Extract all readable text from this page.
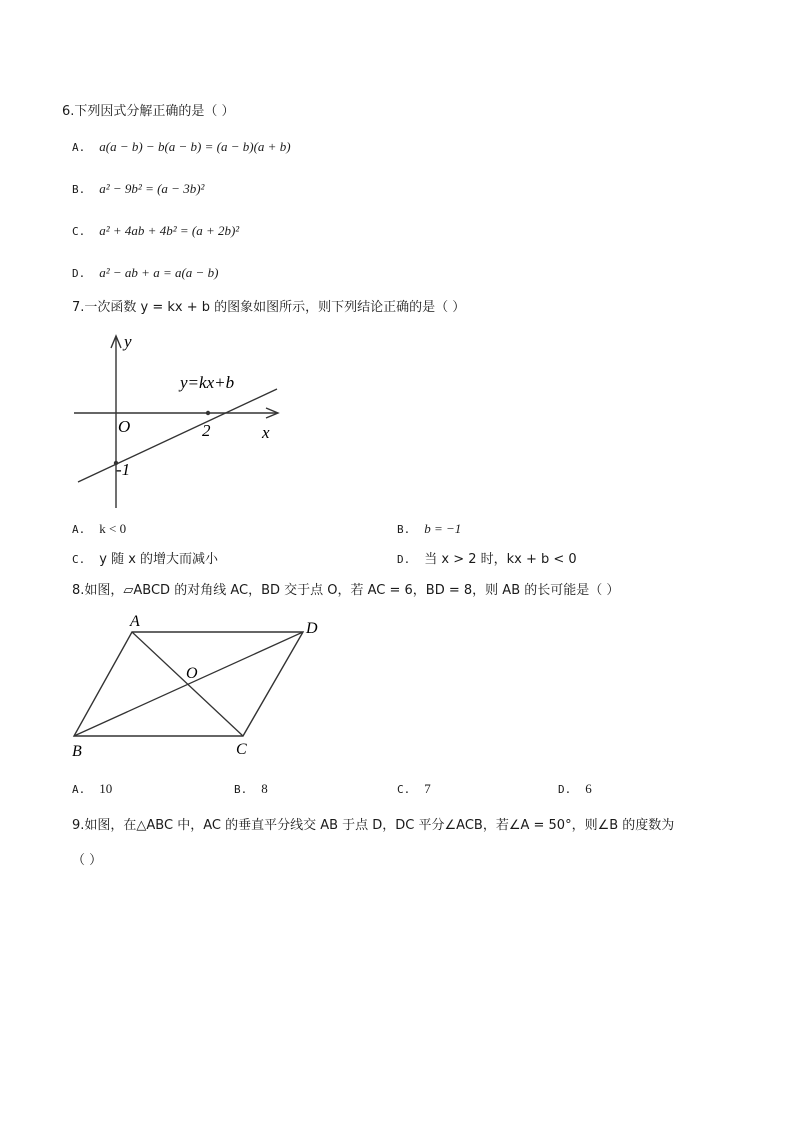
6.下列因式分解正确的是（ ）
A. a(a − b) − b(a − b) = (a − b)(a + b)
B. a² − 9b² = (a − 3b)²
C. a² + 4ab + 4b² = (a + 2b)²
D. a² − ab + a = a(a − b)
7.一次函数 y = kx + b 的图象如图所示，则下列结论正确的是（ ）
y
x
O
y=kx+b
2
-1
A. k < 0	B. b = −1
C. y 随 x 的增大而减小	D. 当 x > 2 时，kx + b < 0
8.如图，▱ABCD 的对角线 AC，BD 交于点 O，若 AC = 6，BD = 8，则 AB 的长可能是（ ）
A	D
B	C
O
A. 10	B. 8	C. 7	D. 6
9.如图，在△ABC 中，AC 的垂直平分线交 AB 于点 D，DC 平分∠ACB，若∠A = 50°，则∠B 的度数为
（ ）
